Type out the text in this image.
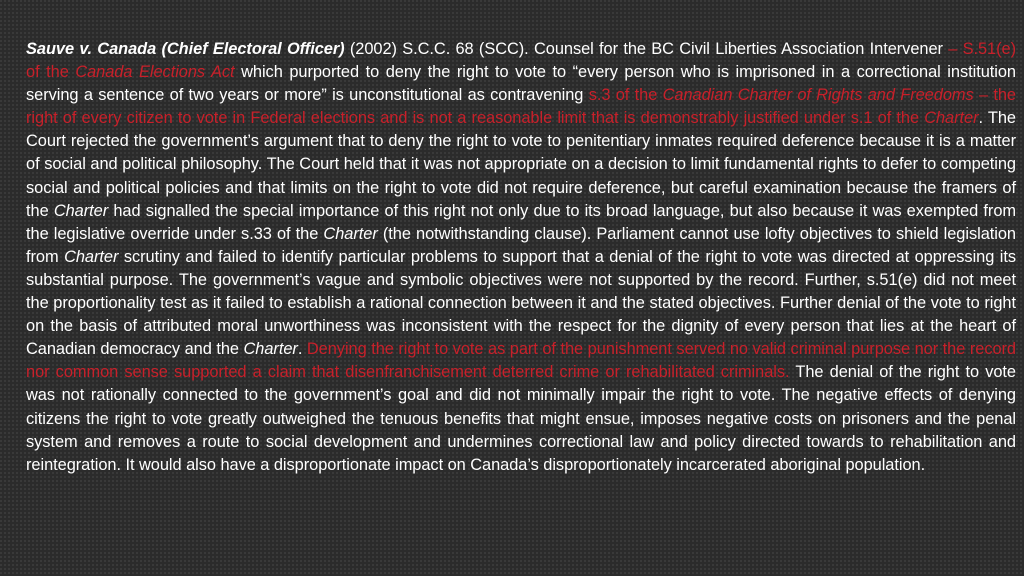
Sauve v. Canada (Chief Electoral Officer) (2002) S.C.C. 68 (SCC). Counsel for the BC Civil Liberties Association Intervener – S.51(e) of the Canada Elections Act which purported to deny the right to vote to “every person who is imprisoned in a correctional institution serving a sentence of two years or more” is unconstitutional as contravening s.3 of the Canadian Charter of Rights and Freedoms – the right of every citizen to vote in Federal elections and is not a reasonable limit that is demonstrably justified under s.1 of the Charter. The Court rejected the government’s argument that to deny the right to vote to penitentiary inmates required deference because it is a matter of social and political philosophy. The Court held that it was not appropriate on a decision to limit fundamental rights to defer to competing social and political policies and that limits on the right to vote did not require deference, but careful examination because the framers of the Charter had signalled the special importance of this right not only due to its broad language, but also because it was exempted from the legislative override under s.33 of the Charter (the notwithstanding clause). Parliament cannot use lofty objectives to shield legislation from Charter scrutiny and failed to identify particular problems to support that a denial of the right to vote was directed at oppressing its substantial purpose. The government’s vague and symbolic objectives were not supported by the record. Further, s.51(e) did not meet the proportionality test as it failed to establish a rational connection between it and the stated objectives. Further denial of the vote to right on the basis of attributed moral unworthiness was inconsistent with the respect for the dignity of every person that lies at the heart of Canadian democracy and the Charter. Denying the right to vote as part of the punishment served no valid criminal purpose nor the record nor common sense supported a claim that disenfranchisement deterred crime or rehabilitated criminals. The denial of the right to vote was not rationally connected to the government’s goal and did not minimally impair the right to vote. The negative effects of denying citizens the right to vote greatly outweighed the tenuous benefits that might ensue, imposes negative costs on prisoners and the penal system and removes a route to social development and undermines correctional law and policy directed towards to rehabilitation and reintegration. It would also have a disproportionate impact on Canada’s disproportionately incarcerated aboriginal population.
